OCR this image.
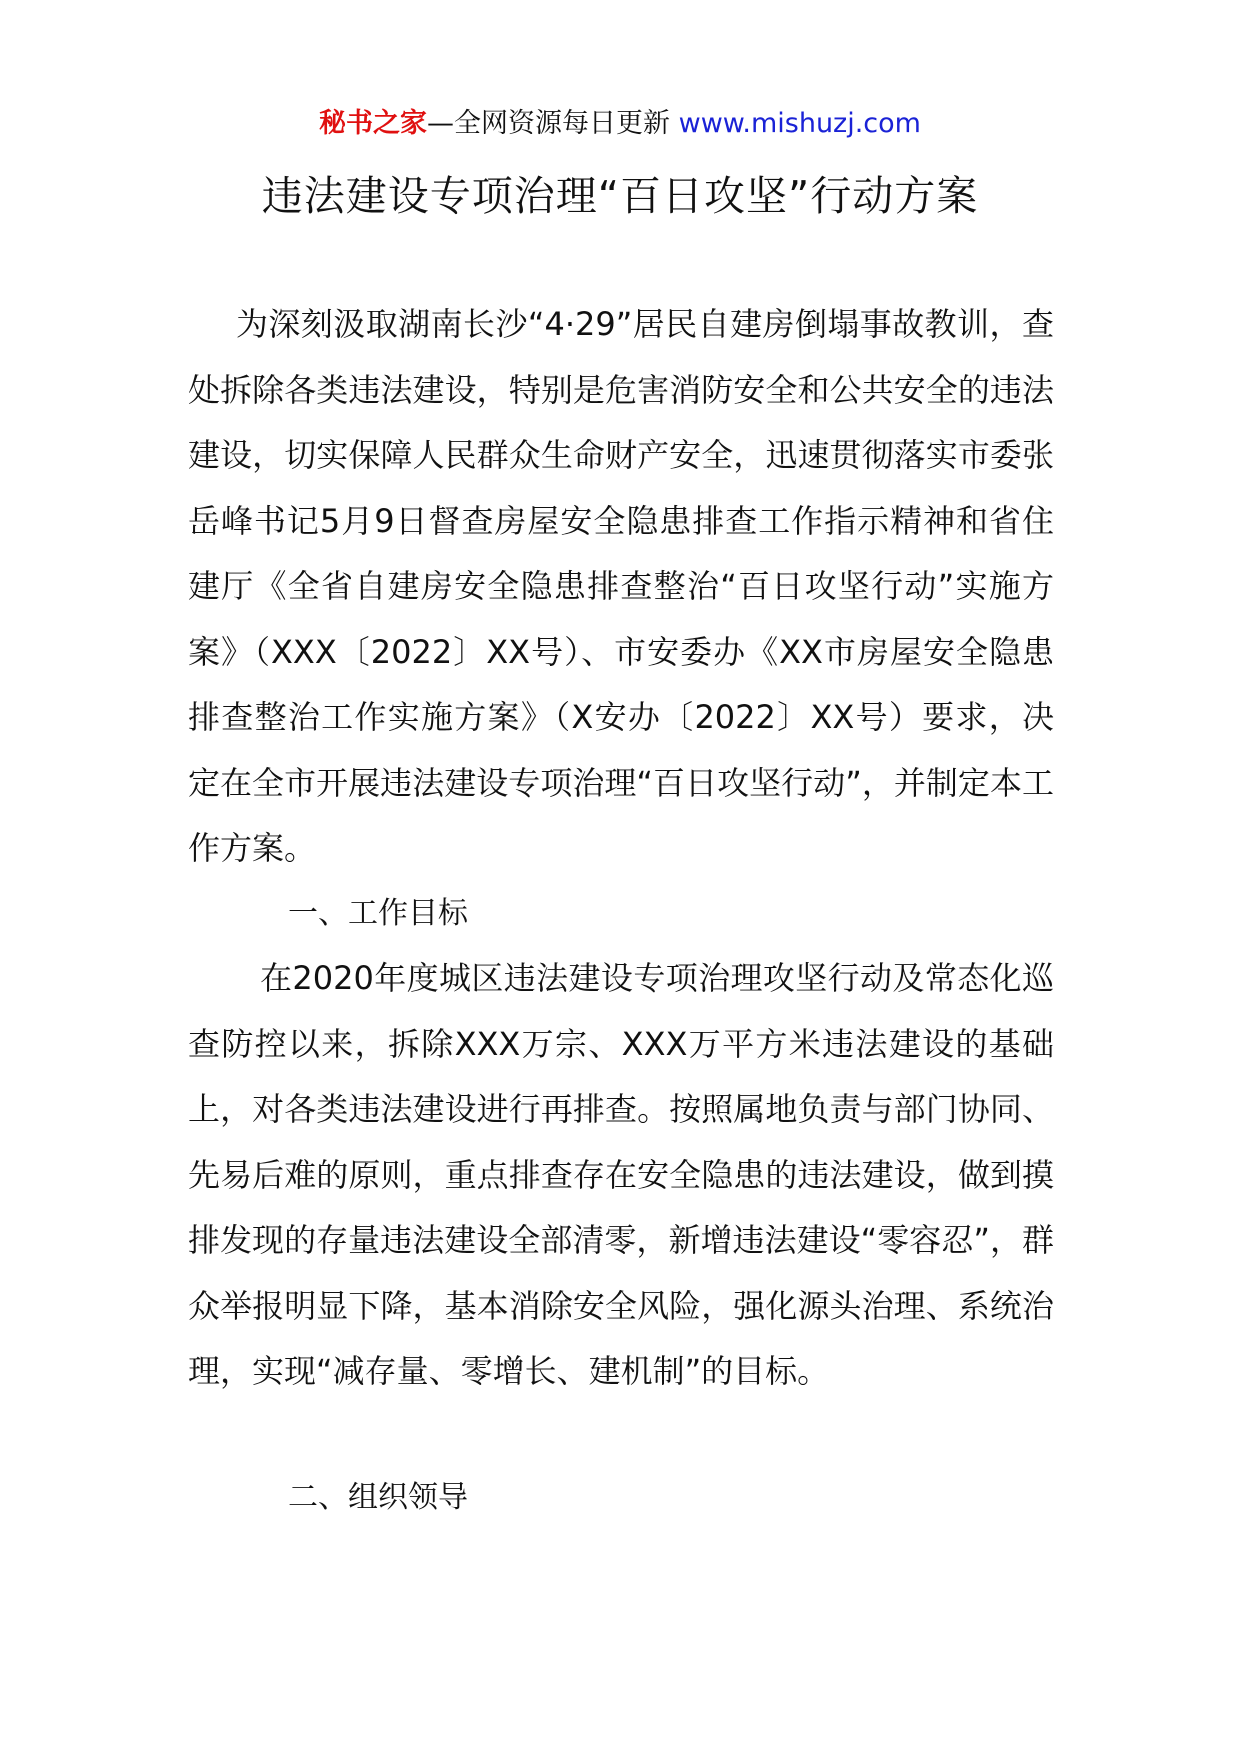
秘书之家—全网资源每日更新 www.mishuzj.com
违法建设专项治理“百日攻坚”行动方案

为深刻汲取湖南长沙“4·29”居民自建房倒塌事故教训，查处拆除各类违法建设，特别是危害消防安全和公共安全的违法建设，切实保障人民群众生命财产安全，迅速贯彻落实市委张岳峰书记5月9日督查房屋安全隐患排查工作指示精神和省住建厅《全省自建房安全隐患排查整治“百日攻坚行动”实施方案》（XXX〔2022〕XX号）、市安委办《XX市房屋安全隐患排查整治工作实施方案》（X安办〔2022〕XX号）要求，决定在全市开展违法建设专项治理“百日攻坚行动”，并制定本工作方案。

一、工作目标

在2020年度城区违法建设专项治理攻坚行动及常态化巡查防控以来，拆除XXX万宗、XXX万平方米违法建设的基础上，对各类违法建设进行再排查。按照属地负责与部门协同、先易后难的原则，重点排查存在安全隐患的违法建设，做到摸排发现的存量违法建设全部清零，新增违法建设“零容忍”，群众举报明显下降，基本消除安全风险，强化源头治理、系统治理，实现“减存量、零增长、建机制”的目标。

二、组织领导
